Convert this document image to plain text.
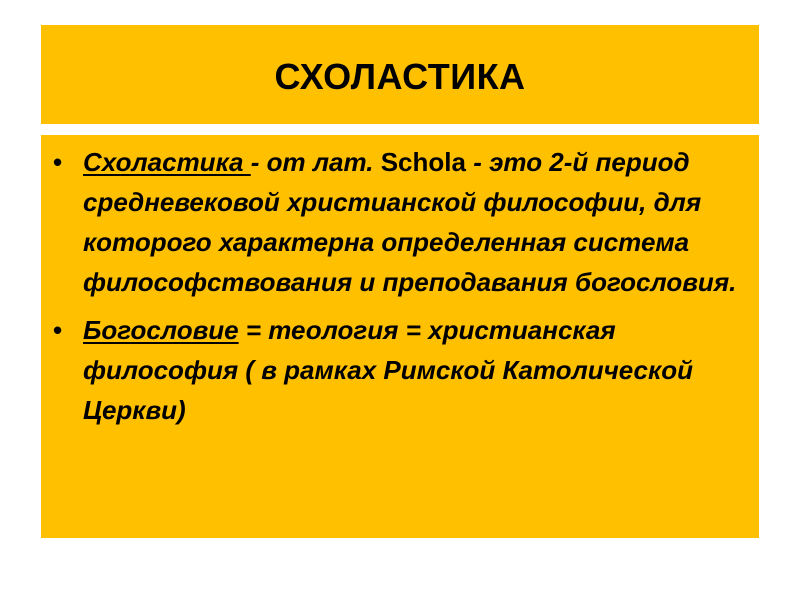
СХОЛАСТИКА
• Схоластика - от лат. Schola - это 2-й период средневековой христианской философии, для которого характерна определенная система философствования и преподавания богословия.
• Богословие = теология = христианская философия ( в рамках Римской Католической Церкви)
